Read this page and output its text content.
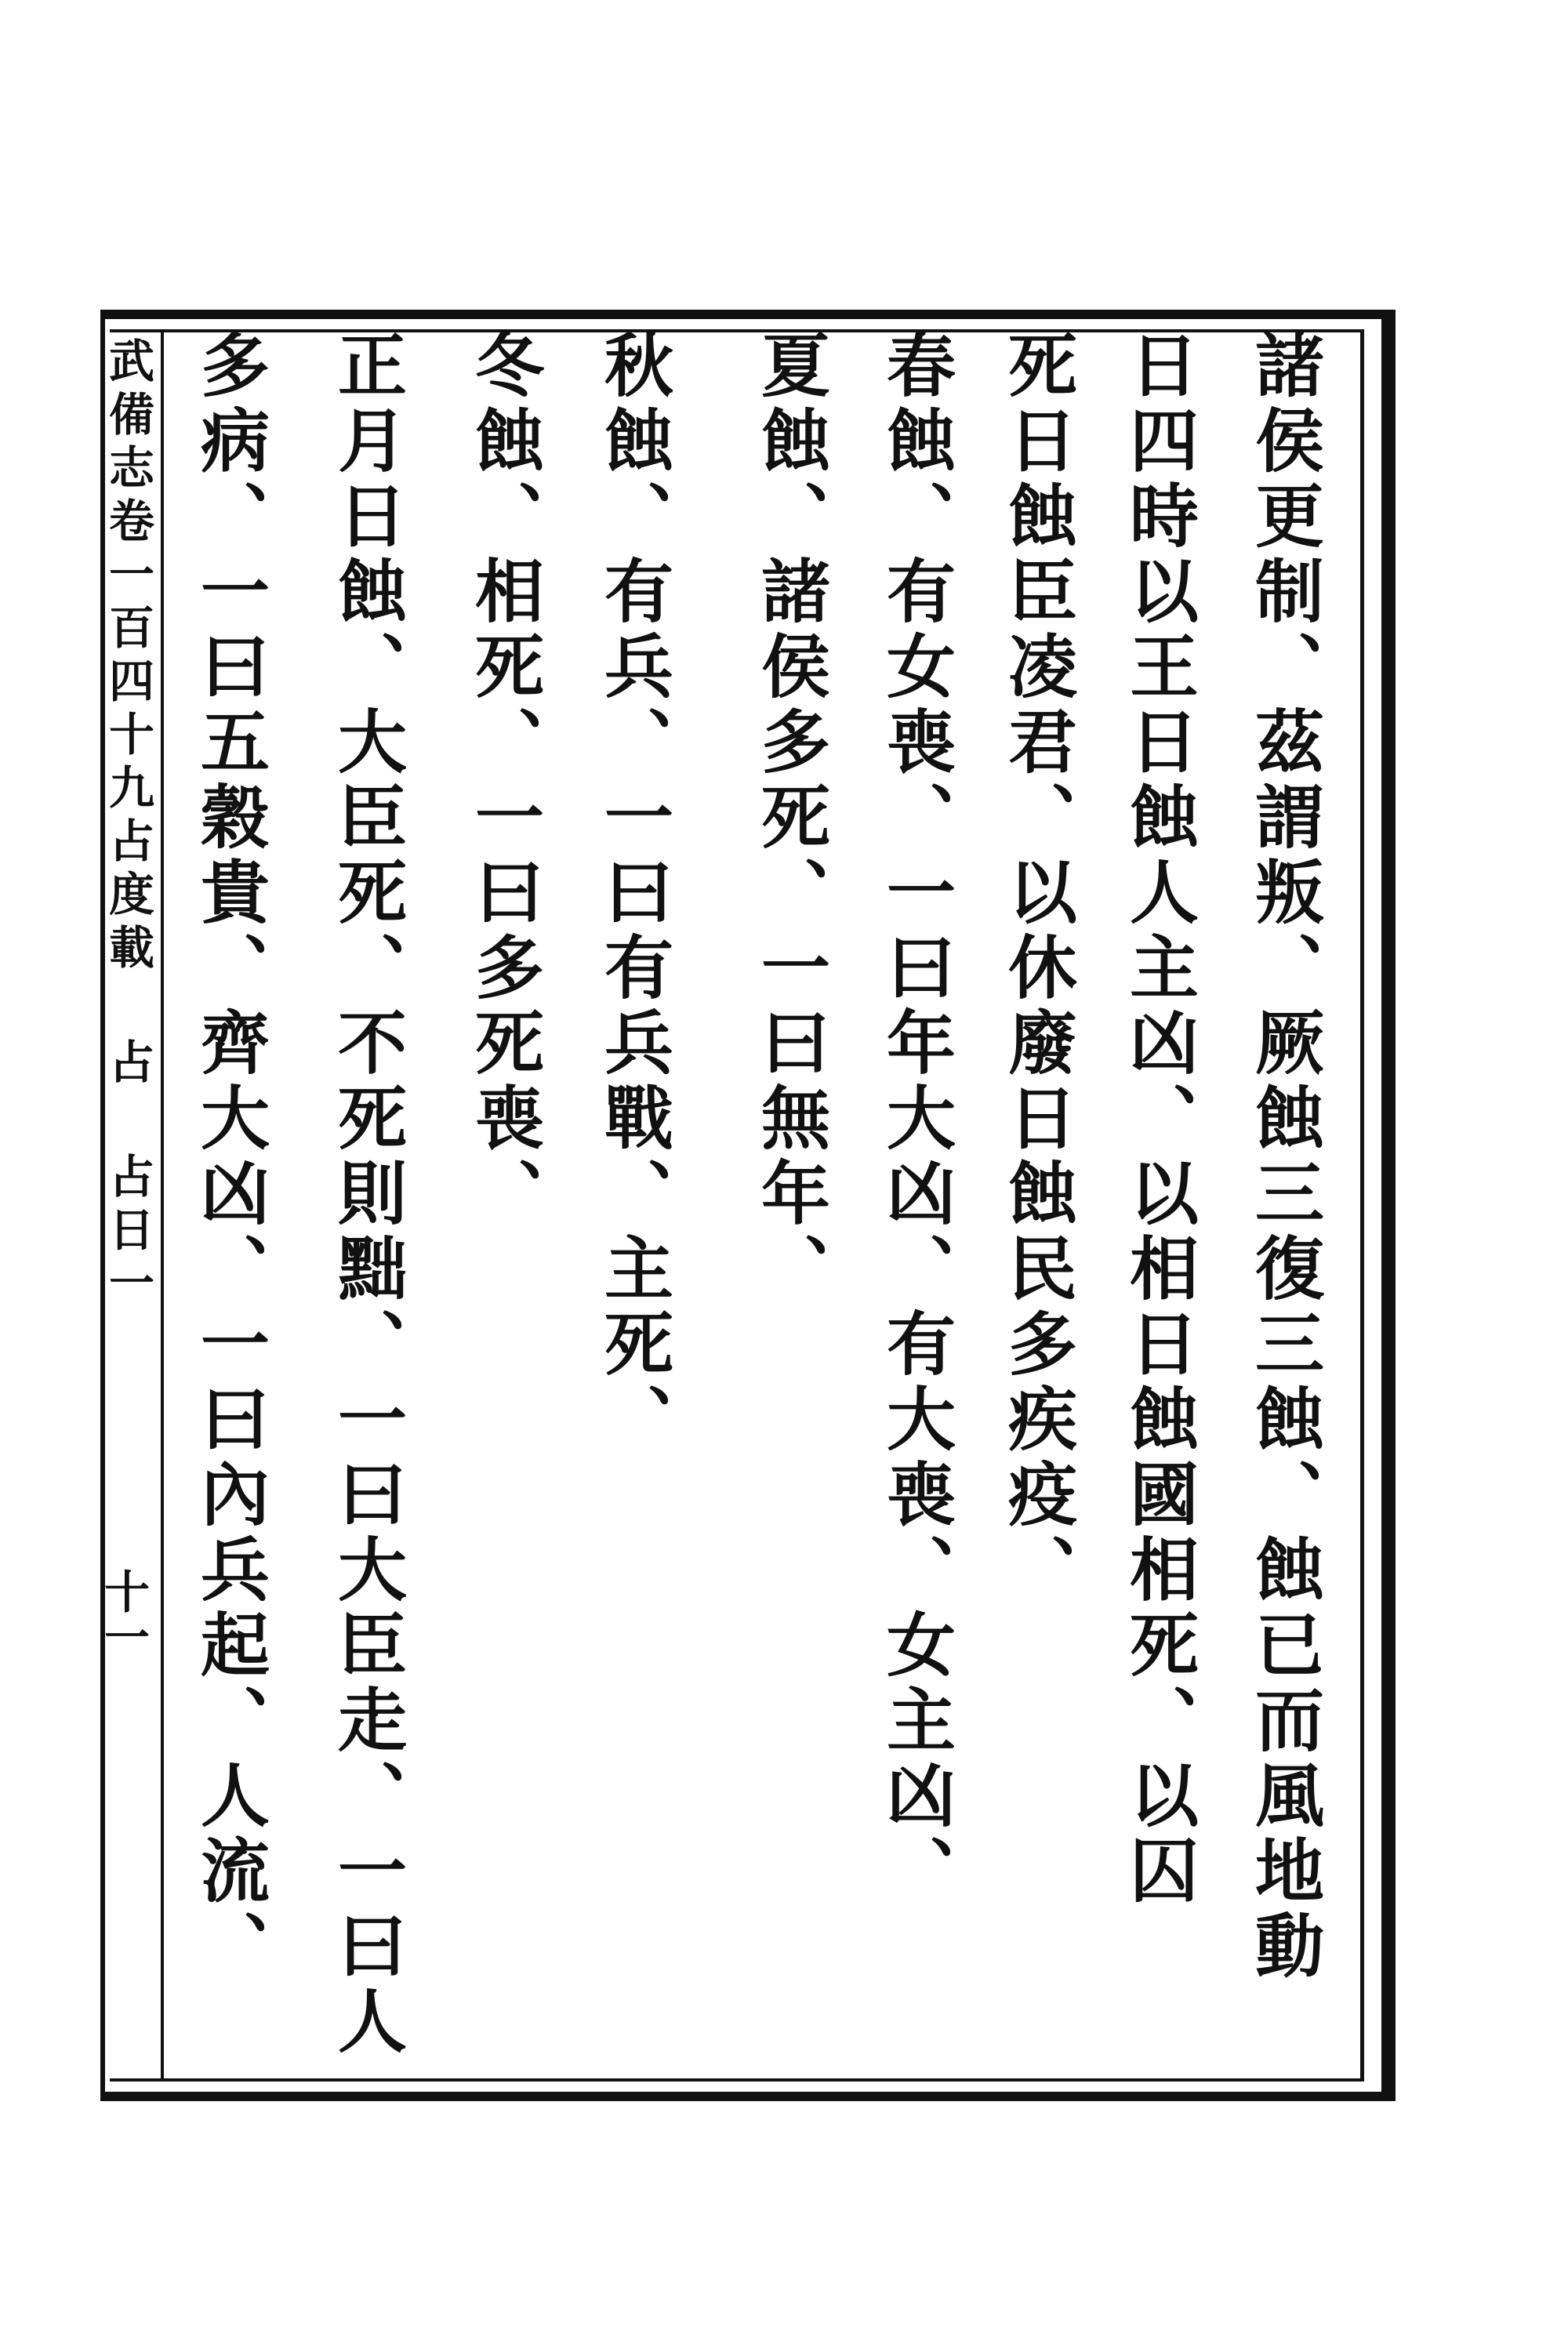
武備志卷一百四十九占度載 占 占日一
十一	諸侯更制、茲謂叛、厥蝕三復三蝕、蝕已而風地動
日四時以王日蝕人主凶、以相日蝕國相死、以囚
死日蝕臣凌君、以休廢日蝕民多疾疫、
春蝕、有女喪、一曰年大凶、有大喪、女主凶、
夏蝕、諸侯多死、一曰無年、
秋蝕、有兵、一曰有兵戰、主死、
冬蝕、相死、一曰多死喪、
正月日蝕、大臣死、不死則黜、一曰大臣走、一曰人
多病、一曰五穀貴、齊大凶、一曰內兵起、人流、
